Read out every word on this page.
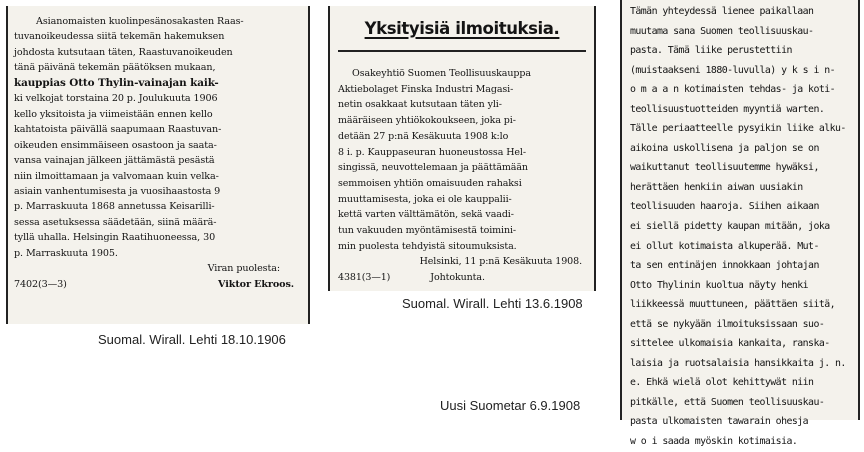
Asianomaisten kuolinpesänosakasten Raas-

tuvanoikeudessa siitä tekemän hakemuksen

johdosta kutsutaan täten, Raastuvanoikeuden

tänä päivänä tekemän päätöksen mukaan,

kauppias Otto Thylin-vainajan kaik-

ki velkojat torstaina 20 p. Joulukuuta 1906

kello yksitoista ja viimeistään ennen kello

kahtatoista päivällä saapumaan Raastuvan-

oikeuden ensimmäiseen osastoon ja saata-

vansa vainajan jälkeen jättämästä pesästä

niin ilmoittamaan ja valvomaan kuin velka-

asiain vanhentumisesta ja vuosihaastosta 9

p. Marraskuuta 1868 annetussa Keisarilli-

sessa asetuksessa säädetään, siinä määrä-

tyllä uhalla. Helsingin Raatihuoneessa, 30

p. Marraskuuta 1905.

Viran puolesta:

7402(3—3)	Viktor Ekroos.

Suomal. Wirall. Lehti 18.10.1906
Yksityisiä ilmoituksia.

Osakeyhtiö Suomen Teollisuuskauppa

Aktiebolaget Finska Industri Magasi-

netin osakkaat kutsutaan täten yli-

määräiseen yhtiökokoukseen, joka pi-

detään 27 p:nä Kesäkuuta 1908 k:lo

8 i. p. Kauppaseuran huoneustossa Hel-

singissä, neuvottelemaan ja päättämään

semmoisen yhtiön omaisuuden rahaksi

muuttamisesta, joka ei ole kauppalii-

kettä varten välttämätön, sekä vaadi-

tun vakuuden myöntämisestä toimini-

min puolesta tehdyistä sitoumuksista.

Helsinki, 11 p:nä Kesäkuuta 1908.

4381(3—1)	Johtokunta.

Suomal. Wirall. Lehti 13.6.1908

Tämän yhteydessä lienee paikallaan

muutama sana Suomen teollisuuskau-

pasta. Tämä liike perustettiin

(muistaakseni 1880-luvulla) y k s i n-

o m a a n kotimaisten tehdas- ja koti-

teollisuustuotteiden myyntiä warten.

Tälle periaatteelle pysyikin liike alku-

aikoina uskollisena ja paljon se on

waikuttanut teollisuutemme hywäksi,

herättäen henkiin aiwan uusiakin

teollisuuden haaroja. Siihen aikaan

ei siellä pidetty kaupan mitään, joka

ei ollut kotimaista alkuperää. Mut-

ta sen entinäjen innokkaan johtajan

Otto Thylinin kuoltua näyty henki

liikkeessä muuttuneen, päättäen siitä,

että se nykyään ilmoituksissaan suo-

sittelee ulkomaisia kankaita, ranska-

laisia ja ruotsalaisia hansikkaita j. n.

e. Ehkä wielä olot kehittywät niin

pitkälle, että Suomen teollisuuskau-

pasta ulkomaisten tawarain ohesja

w o i saada myöskin kotimaisia.

Uusi Suometar 6.9.1908
